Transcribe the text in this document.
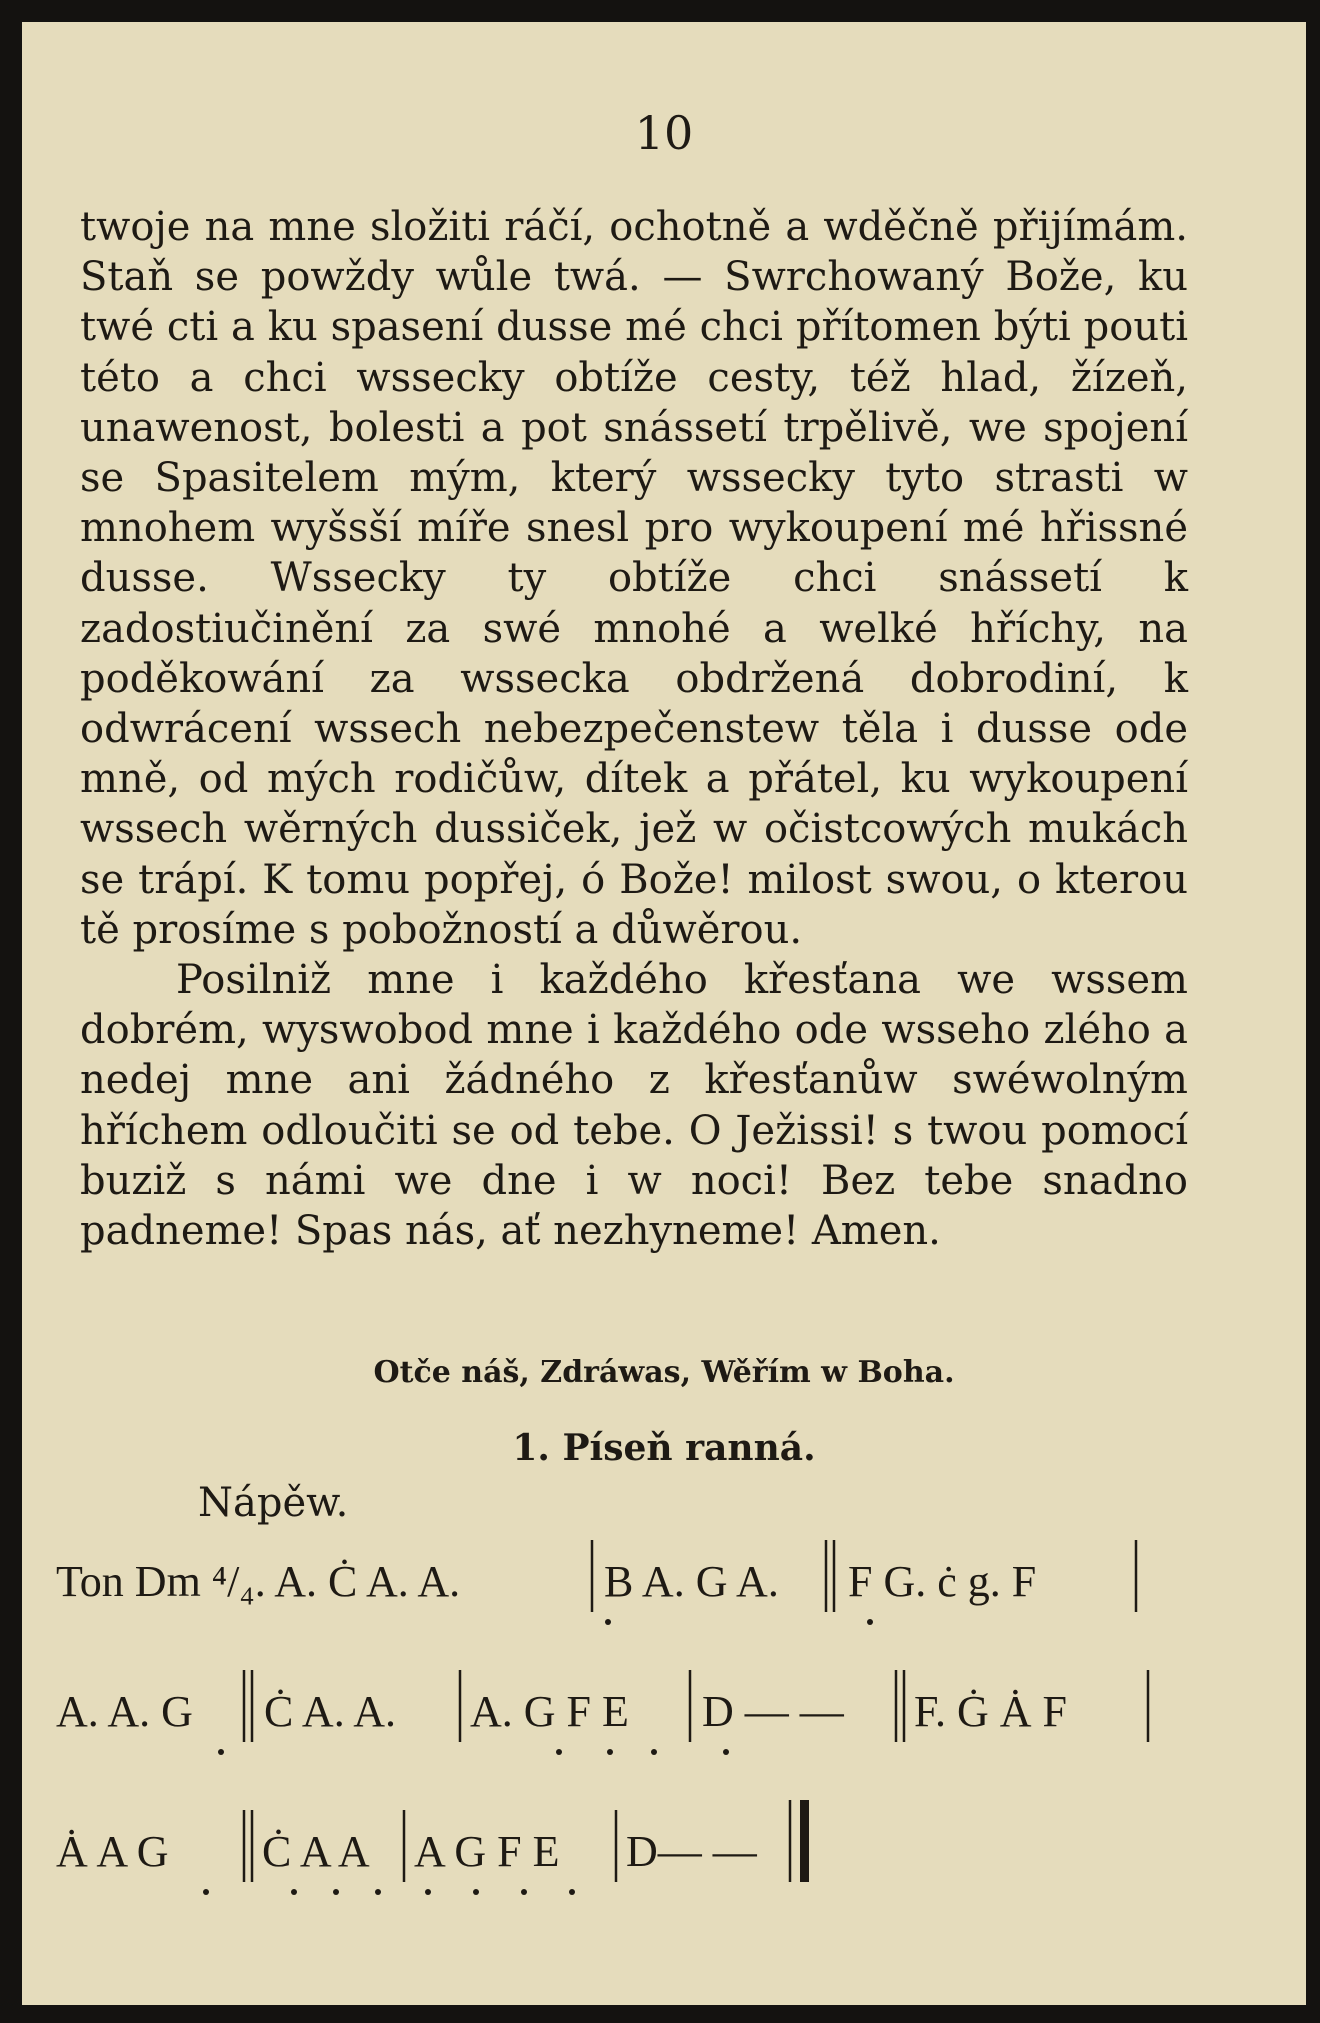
10

twoje na mne složiti ráčí, ochotně a wděčně přijímám. Staň se powždy wůle twá. — Swrchowaný Bože, ku twé cti a ku spasení dusse mé chci přítomen býti pouti této a chci wssecky obtíže cesty, též hlad, žízeň, unawenost, bolesti a pot snássetí trpělivě, we spojení se Spasitelem mým, který wssecky tyto strasti w mnohem wyšsší míře snesl pro wykoupení mé hřissné dusse. Wssecky ty obtíže chci snássetí k zadostiučinění za swé mnohé a welké hříchy, na poděkowání za wssecka obdržená dobrodiní, k odwrácení wssech nebezpečenstew těla i dusse ode mně, od mých rodičůw, dítek a přátel, ku wykoupení wssech wěrných dussiček, jež w očistcowých mukách se trápí. K tomu popřej, ó Bože! milost swou, o kterou tě prosíme s pobožností a důwěrou.

Posilniž mne i každého křesťana we wssem dobrém, wyswobod mne i každého ode wsseho zlého a nedej mne ani žádného z křesťanůw swéwolným hříchem odloučiti se od tebe. O Ježissi! s twou pomocí buziž s námi we dne i w noci! Bez tebe snadno padneme! Spas nás, ať nezhyneme! Amen.

Otče náš, Zdráwas, Wěřím w Boha.
1. Píseň ranná.
Nápěw.
Ton Dm ⁴/₄. A. Ċ A. A.	B A. G A. F G. ċ g. F
A. A. G Ċ A. A. A. G F E D — — F. Ġ Ȧ F
Ȧ A G Ċ A A A G F E D— —
